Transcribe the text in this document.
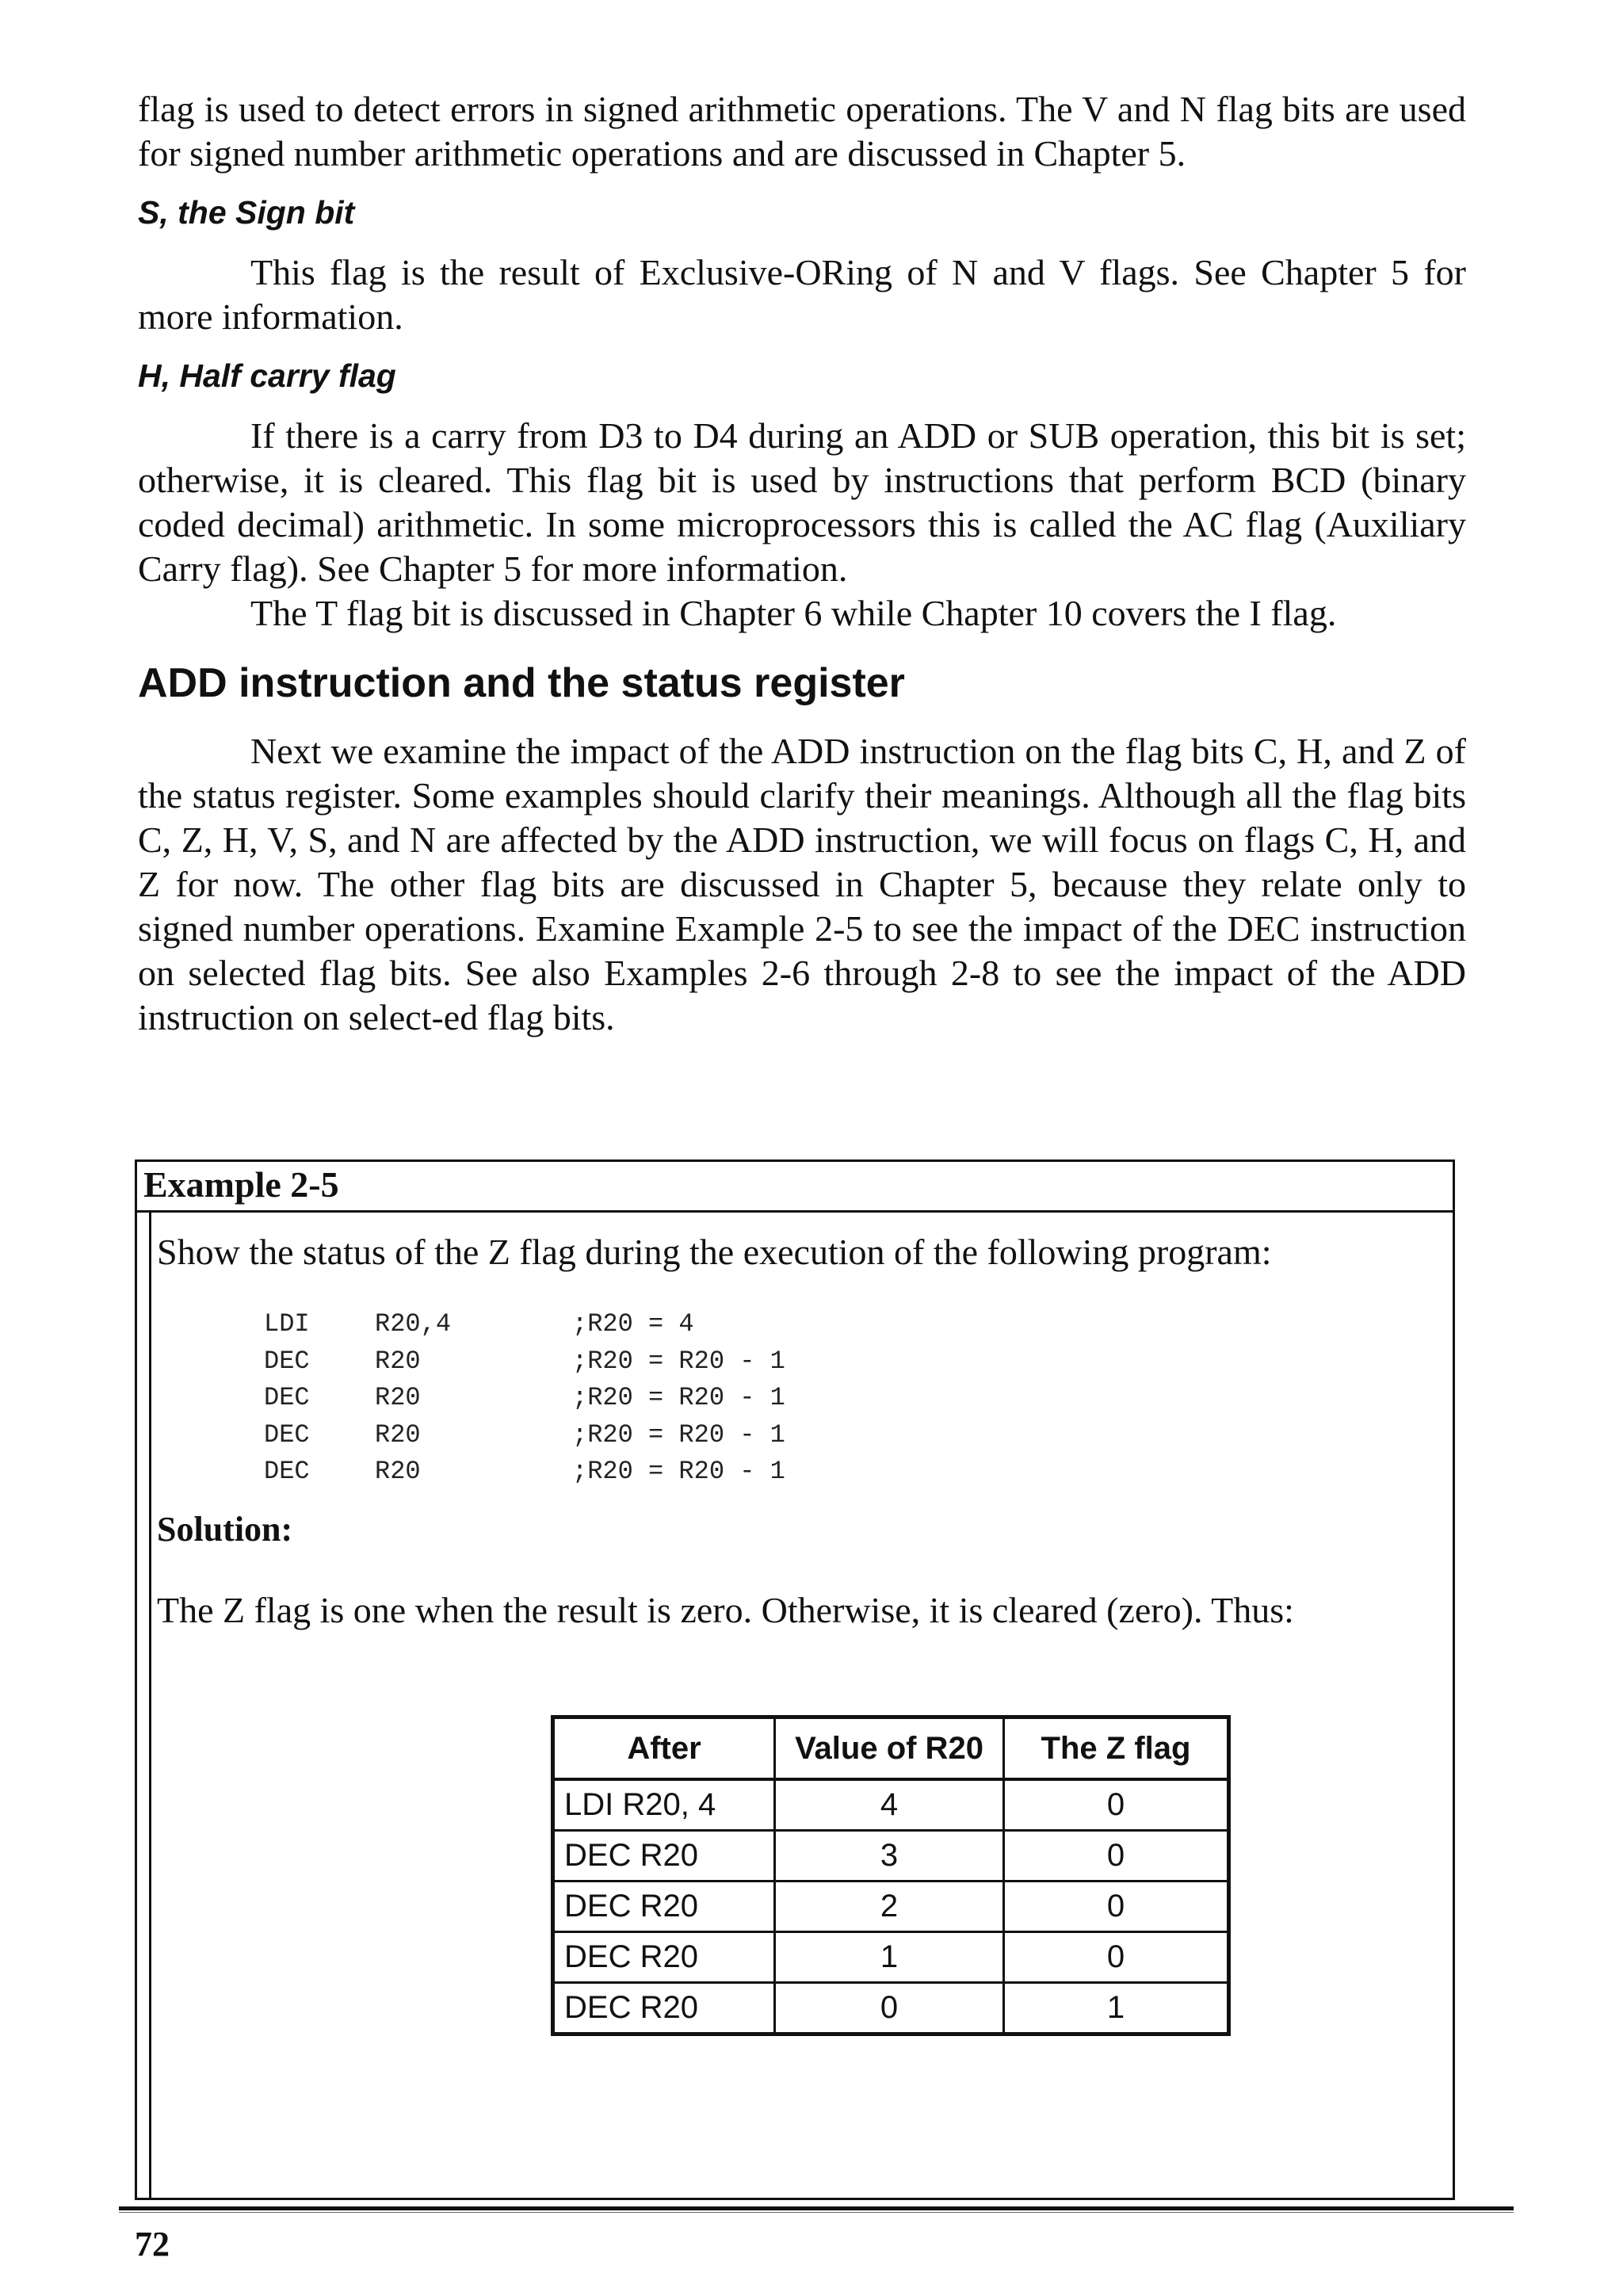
flag is used to detect errors in signed arithmetic operations. The V and N flag bits are used for signed number arithmetic operations and are discussed in Chapter 5.

S, the Sign bit

This flag is the result of Exclusive-ORing of N and V flags. See Chapter 5 for more information.

H, Half carry flag

If there is a carry from D3 to D4 during an ADD or SUB operation, this bit is set; otherwise, it is cleared. This flag bit is used by instructions that perform BCD (binary coded decimal) arithmetic. In some microprocessors this is called the AC flag (Auxiliary Carry flag). See Chapter 5 for more information.

The T flag bit is discussed in Chapter 6 while Chapter 10 covers the I flag.

ADD instruction and the status register

Next we examine the impact of the ADD instruction on the flag bits C, H, and Z of the status register. Some examples should clarify their meanings. Although all the flag bits C, Z, H, V, S, and N are affected by the ADD instruction, we will focus on flags C, H, and Z for now. The other flag bits are discussed in Chapter 5, because they relate only to signed number operations. Examine Example 2-5 to see the impact of the DEC instruction on selected flag bits. See also Examples 2-6 through 2-8 to see the impact of the ADD instruction on select-ed flag bits.

Example 2-5

Show the status of the Z flag during the execution of the following program:

LDI	R20,4	;R20 = 4
DEC	R20	;R20 = R20 - 1
DEC	R20	;R20 = R20 - 1
DEC	R20	;R20 = R20 - 1
DEC	R20	;R20 = R20 - 1
Solution:

The Z flag is one when the result is zero. Otherwise, it is cleared (zero). Thus:

After	Value of R20	The Z flag
LDI R20, 4	4	0
DEC R20	3	0
DEC R20	2	0
DEC R20	1	0
DEC R20	0	1
72
